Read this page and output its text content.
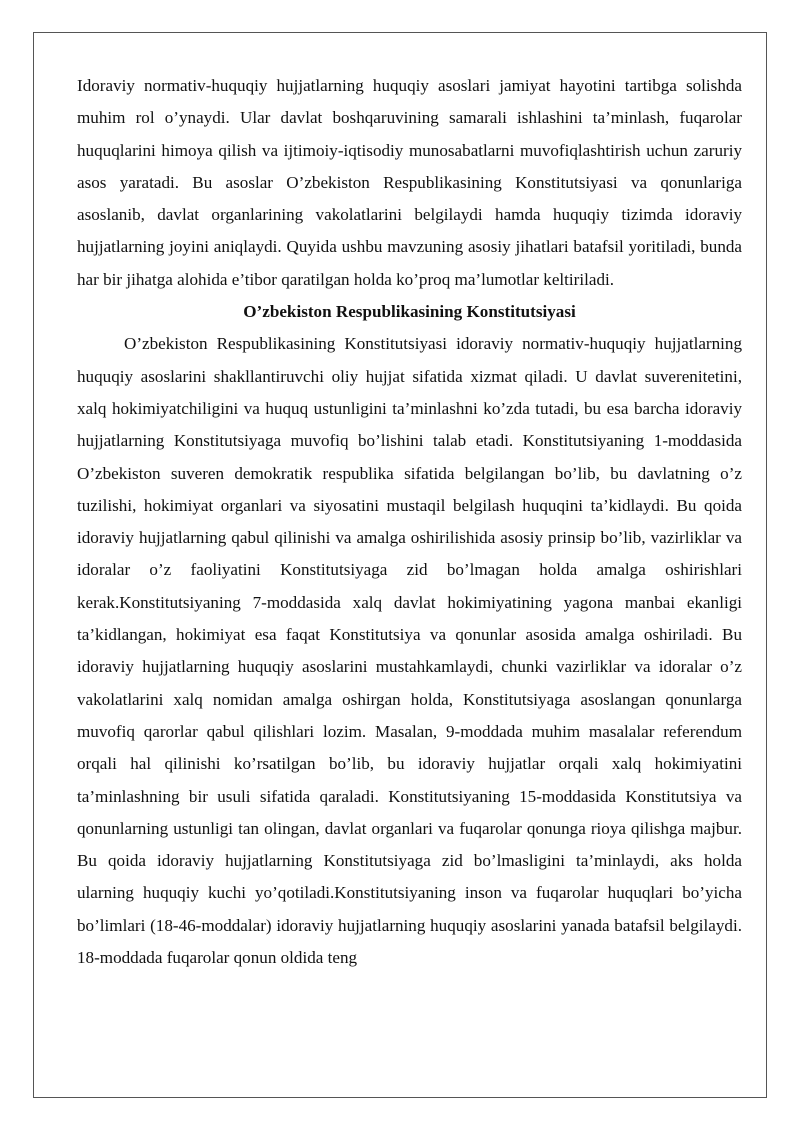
Idoraviy normativ-huquqiy hujjatlarning huquqiy asoslari jamiyat hayotini tartibga solishda muhim rol o’ynaydi. Ular davlat boshqaruvining samarali ishlashini ta’minlash, fuqarolar huquqlarini himoya qilish va ijtimoiy-iqtisodiy munosabatlarni muvofiqlashtirish uchun zaruriy asos yaratadi. Bu asoslar O’zbekiston Respublikasining Konstitutsiyasi va qonunlariga asoslanib, davlat organlarining vakolatlarini belgilaydi hamda huquqiy tizimda idoraviy hujjatlarning joyini aniqlaydi. Quyida ushbu mavzuning asosiy jihatlari batafsil yoritiladi, bunda har bir jihatga alohida e’tibor qaratilgan holda ko’proq ma’lumotlar keltiriladi.

O’zbekiston Respublikasining Konstitutsiyasi

O’zbekiston Respublikasining Konstitutsiyasi idoraviy normativ-huquqiy hujjatlarning huquqiy asoslarini shakllantiruvchi oliy hujjat sifatida xizmat qiladi. U davlat suverenitetini, xalq hokimiyatchiligini va huquq ustunligini ta’minlashni ko’zda tutadi, bu esa barcha idoraviy hujjatlarning Konstitutsiyaga muvofiq bo’lishini talab etadi. Konstitutsiyaning 1-moddasida O’zbekiston suveren demokratik respublika sifatida belgilangan bo’lib, bu davlatning o’z tuzilishi, hokimiyat organlari va siyosatini mustaqil belgilash huquqini ta’kidlaydi. Bu qoida idoraviy hujjatlarning qabul qilinishi va amalga oshirilishida asosiy prinsip bo’lib, vazirliklar va idoralar o’z faoliyatini Konstitutsiyaga zid bo’lmagan holda amalga oshirishlari kerak.Konstitutsiyaning 7-moddasida xalq davlat hokimiyatining yagona manbai ekanligi ta’kidlangan, hokimiyat esa faqat Konstitutsiya va qonunlar asosida amalga oshiriladi. Bu idoraviy hujjatlarning huquqiy asoslarini mustahkamlaydi, chunki vazirliklar va idoralar o’z vakolatlarini xalq nomidan amalga oshirgan holda, Konstitutsiyaga asoslangan qonunlarga muvofiq qarorlar qabul qilishlari lozim. Masalan, 9-moddada muhim masalalar referendum orqali hal qilinishi ko’rsatilgan bo’lib, bu idoraviy hujjatlar orqali xalq hokimiyatini ta’minlashning bir usuli sifatida qaraladi. Konstitutsiyaning 15-moddasida Konstitutsiya va qonunlarning ustunligi tan olingan, davlat organlari va fuqarolar qonunga rioya qilishga majbur. Bu qoida idoraviy hujjatlarning Konstitutsiyaga zid bo’lmasligini ta’minlaydi, aks holda ularning huquqiy kuchi yo’qotiladi.Konstitutsiyaning inson va fuqarolar huquqlari bo’yicha bo’limlari (18-46-moddalar) idoraviy hujjatlarning huquqiy asoslarini yanada batafsil belgilaydi. 18-moddada fuqarolar qonun oldida teng
